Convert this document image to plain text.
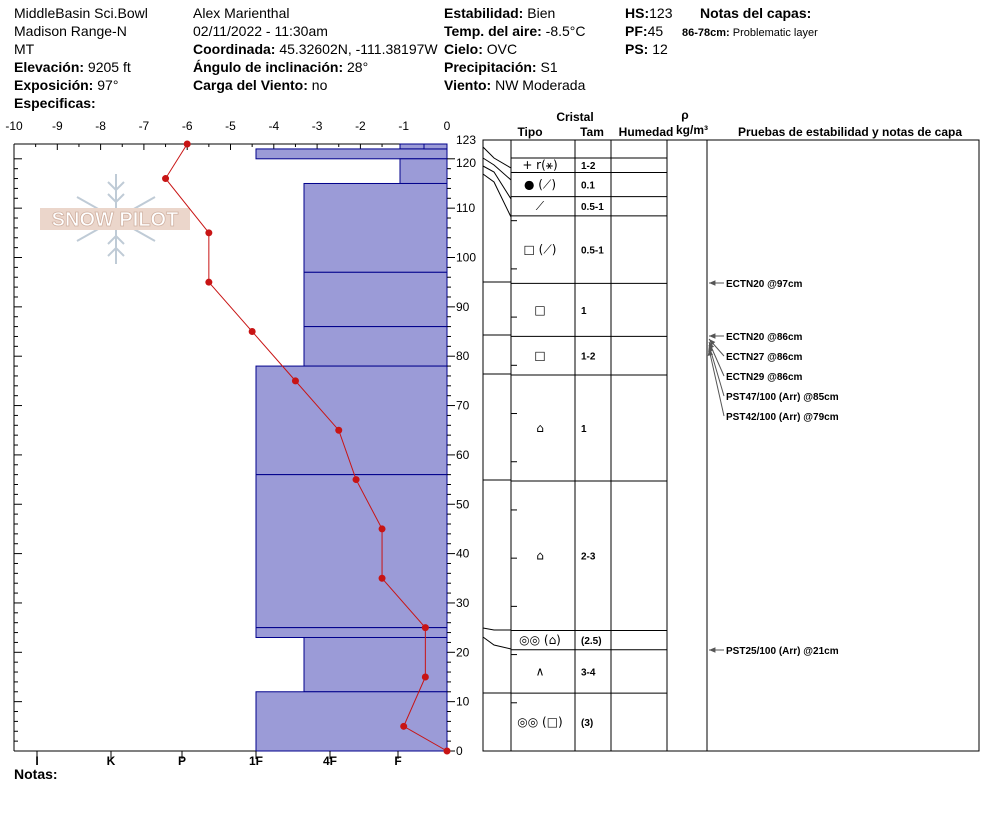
MiddleBasin Sci.Bowl
Madison Range-N
MT
Elevación: 9205 ft
Exposición: 97°
Especificas:
Alex Marienthal
02/11/2022 - 11:30am
Coordinada: 45.32602N, -111.38197W
Ángulo de inclinación: 28°
Carga del Viento: no
Estabilidad: Bien
Temp. del aire: -8.5°C
Cielo: OVC
Precipitación: S1
Viento: NW Moderada
HS:123
PF:45
PS: 12
Notas del capas:
86-78cm: Problematic layer
Notas:
SNOW PILOT
-10 -9	-8	-7	-6	-5	-4	-3	-2	-1	0
I	K	P	1F	4F	F
0
10
20
30
40
50
60
70
80
90
100
110
120
123
Cristal
Tipo	Tam Humedad
ρ
kg/m³ Pruebas de estabilidad y notas de capa
+ r(⚹) 1-2
● (⟋) 0.1
⟋	0.5-1
□ (⟋) 0.5-1
□	1
□	1-2
⌂	1
⌂	2-3
◎◎ (⌂) (2.5)
∧	3-4
◎◎ (□) (3)
ECTN20 @97cm
ECTN20 @86cm
ECTN27 @86cm
ECTN29 @86cm
PST47/100 (Arr) @85cm
PST42/100 (Arr) @79cm
PST25/100 (Arr) @21cm
